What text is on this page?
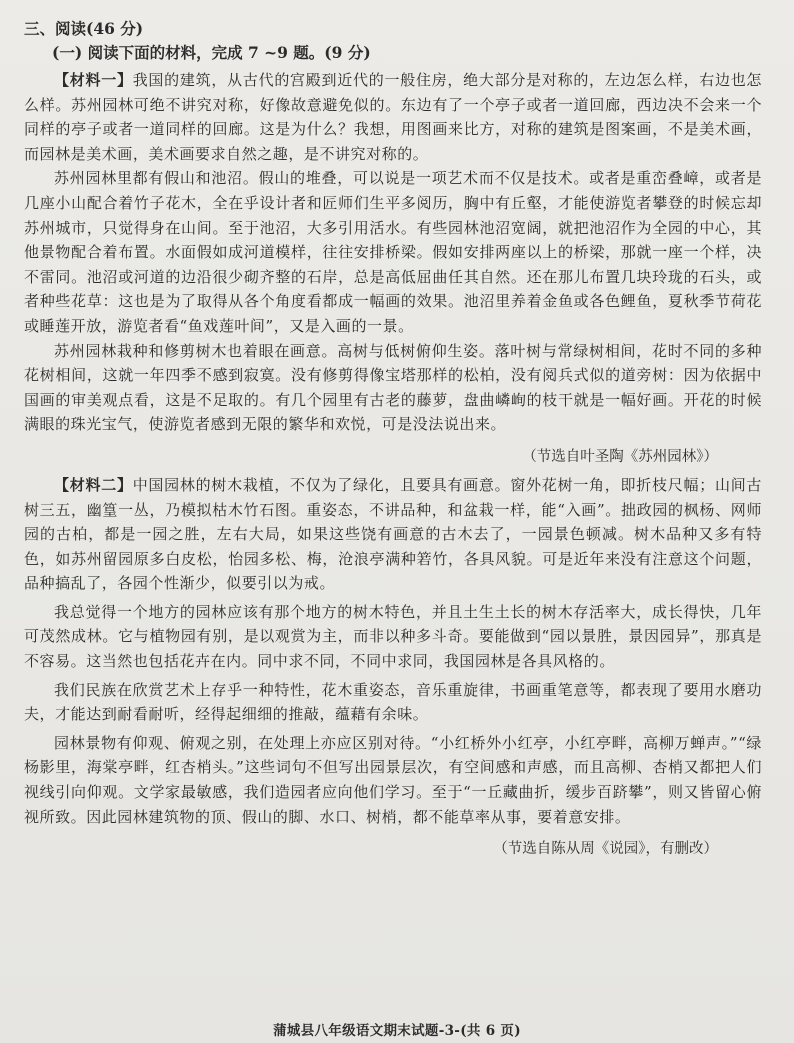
三、阅读(46 分)
(一) 阅读下面的材料，完成 7 ~9 题。(9 分)

【材料一】我国的建筑，从古代的宫殿到近代的一般住房，绝大部分是对称的，左边怎么样，右边也怎么样。苏州园林可绝不讲究对称，好像故意避免似的。东边有了一个亭子或者一道回廊，西边决不会来一个同样的亭子或者一道同样的回廊。这是为什么？我想，用图画来比方，对称的建筑是图案画，不是美术画，而园林是美术画，美术画要求自然之趣，是不讲究对称的。

苏州园林里都有假山和池沼。假山的堆叠，可以说是一项艺术而不仅是技术。或者是重峦叠嶂，或者是几座小山配合着竹子花木，全在乎设计者和匠师们生平多阅历，胸中有丘壑，才能使游览者攀登的时候忘却苏州城市，只觉得身在山间。至于池沼，大多引用活水。有些园林池沼宽阔，就把池沼作为全园的中心，其他景物配合着布置。水面假如成河道模样，往往安排桥梁。假如安排两座以上的桥梁，那就一座一个样，决不雷同。池沼或河道的边沿很少砌齐整的石岸，总是高低屈曲任其自然。还在那儿布置几块玲珑的石头，或者种些花草：这也是为了取得从各个角度看都成一幅画的效果。池沼里养着金鱼或各色鲤鱼，夏秋季节荷花或睡莲开放，游览者看“鱼戏莲叶间”，又是入画的一景。

苏州园林栽种和修剪树木也着眼在画意。高树与低树俯仰生姿。落叶树与常绿树相间，花时不同的多种花树相间，这就一年四季不感到寂寞。没有修剪得像宝塔那样的松柏，没有阅兵式似的道旁树：因为依据中国画的审美观点看，这是不足取的。有几个园里有古老的藤萝，盘曲嶙峋的枝干就是一幅好画。开花的时候满眼的珠光宝气，使游览者感到无限的繁华和欢悦，可是没法说出来。

（节选自叶圣陶《苏州园林》）

【材料二】中国园林的树木栽植，不仅为了绿化，且要具有画意。窗外花树一角，即折枝尺幅；山间古树三五，幽篁一丛，乃模拟枯木竹石图。重姿态，不讲品种，和盆栽一样，能“入画”。拙政园的枫杨、网师园的古柏，都是一园之胜，左右大局，如果这些饶有画意的古木去了，一园景色顿减。树木品种又多有特色，如苏州留园原多白皮松，怡园多松、梅，沧浪亭满种箬竹，各具风貌。可是近年来没有注意这个问题，品种搞乱了，各园个性渐少，似要引以为戒。

我总觉得一个地方的园林应该有那个地方的树木特色，并且土生土长的树木存活率大，成长得快，几年可茂然成林。它与植物园有别，是以观赏为主，而非以种多斗奇。要能做到“园以景胜，景因园异”，那真是不容易。这当然也包括花卉在内。同中求不同，不同中求同，我国园林是各具风格的。

我们民族在欣赏艺术上存乎一种特性，花木重姿态，音乐重旋律，书画重笔意等，都表现了要用水磨功夫，才能达到耐看耐听，经得起细细的推敲，蕴藉有余味。

园林景物有仰观、俯观之别，在处理上亦应区别对待。“小红桥外小红亭，小红亭畔，高柳万蝉声。”“绿杨影里，海棠亭畔，红杏梢头。”这些词句不但写出园景层次，有空间感和声感，而且高柳、杏梢又都把人们视线引向仰观。文学家最敏感，我们造园者应向他们学习。至于“一丘藏曲折，缓步百跻攀”，则又皆留心俯视所致。因此园林建筑物的顶、假山的脚、水口、树梢，都不能草率从事，要着意安排。

（节选自陈从周《说园》，有删改）
蒲城县八年级语文期末试题-3-(共 6 页)
